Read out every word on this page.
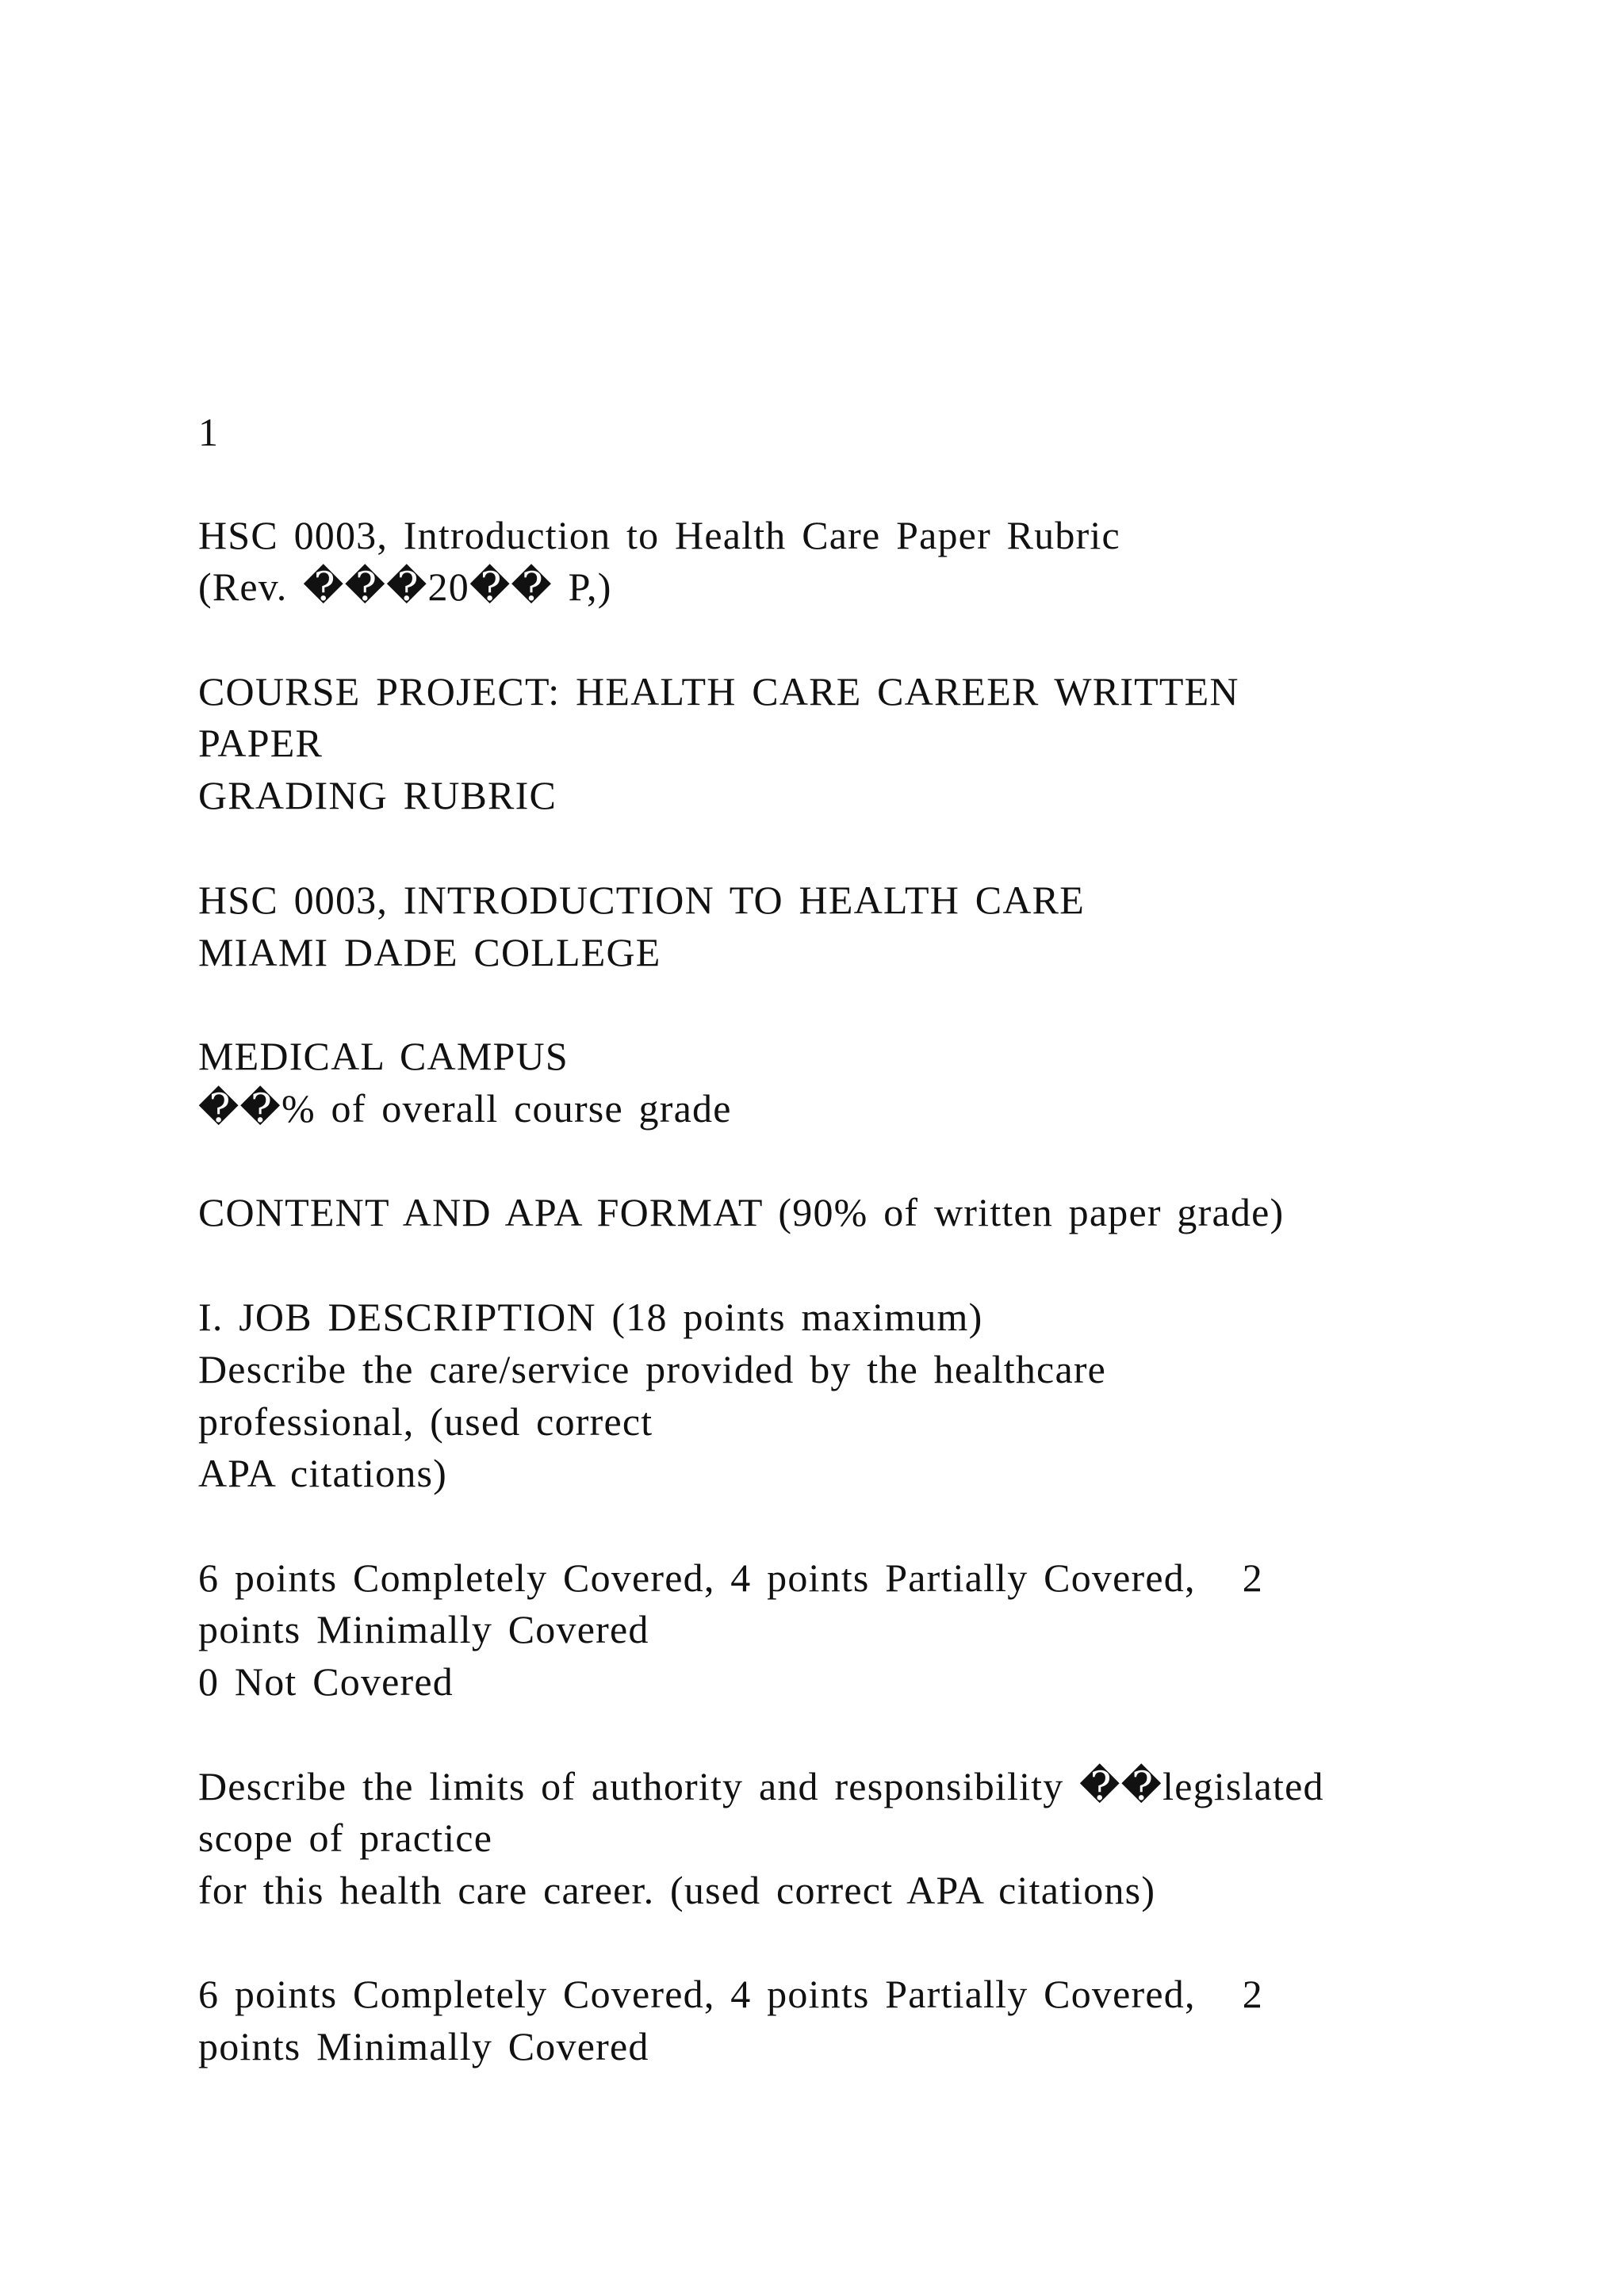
1
HSC 0003, Introduction to Health Care Paper Rubric
(Rev. ���20�� P,)
COURSE PROJECT: HEALTH CARE CAREER WRITTEN
PAPER
GRADING RUBRIC
HSC 0003, INTRODUCTION TO HEALTH CARE
MIAMI DADE COLLEGE
MEDICAL CAMPUS
��% of overall course grade
CONTENT AND APA FORMAT (90% of written paper grade)
I. JOB DESCRIPTION (18 points maximum)
Describe the care/service provided by the healthcare
professional, (used correct
APA citations)
6 points Completely Covered, 4 points Partially Covered,   2
points Minimally Covered
0 Not Covered
Describe the limits of authority and responsibility ��legislated
scope of practice
for this health care career. (used correct APA citations)
6 points Completely Covered, 4 points Partially Covered,   2
points Minimally Covered
